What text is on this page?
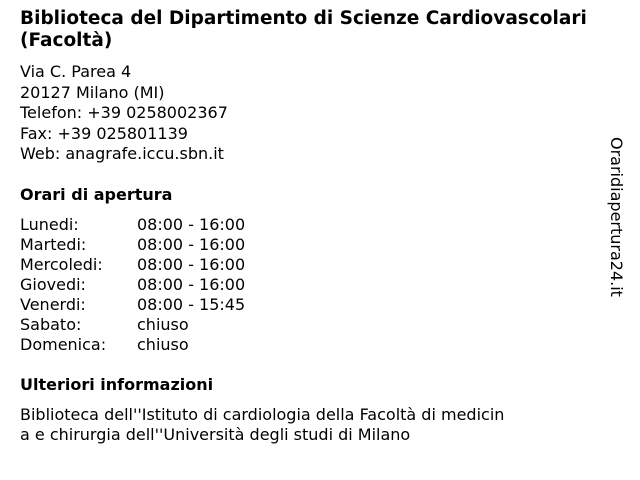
Biblioteca del Dipartimento di Scienze Cardiovascolari (Facoltà)
Via C. Parea 4
20127 Milano (MI)
Telefon: +39 0258002367
Fax: +39 025801139
Web: anagrafe.iccu.sbn.it
Orari di apertura
Lunedi:	08:00 - 16:00
Martedi:	08:00 - 16:00
Mercoledi:	08:00 - 16:00
Giovedi:	08:00 - 16:00
Venerdi:	08:00 - 15:45
Sabato:	chiuso
Domenica:	chiuso
Ulteriori informazioni
Biblioteca dell''Istituto di cardiologia della Facoltà di medicina e chirurgia dell''Università degli studi di Milano
Oraridiapertura24.it
